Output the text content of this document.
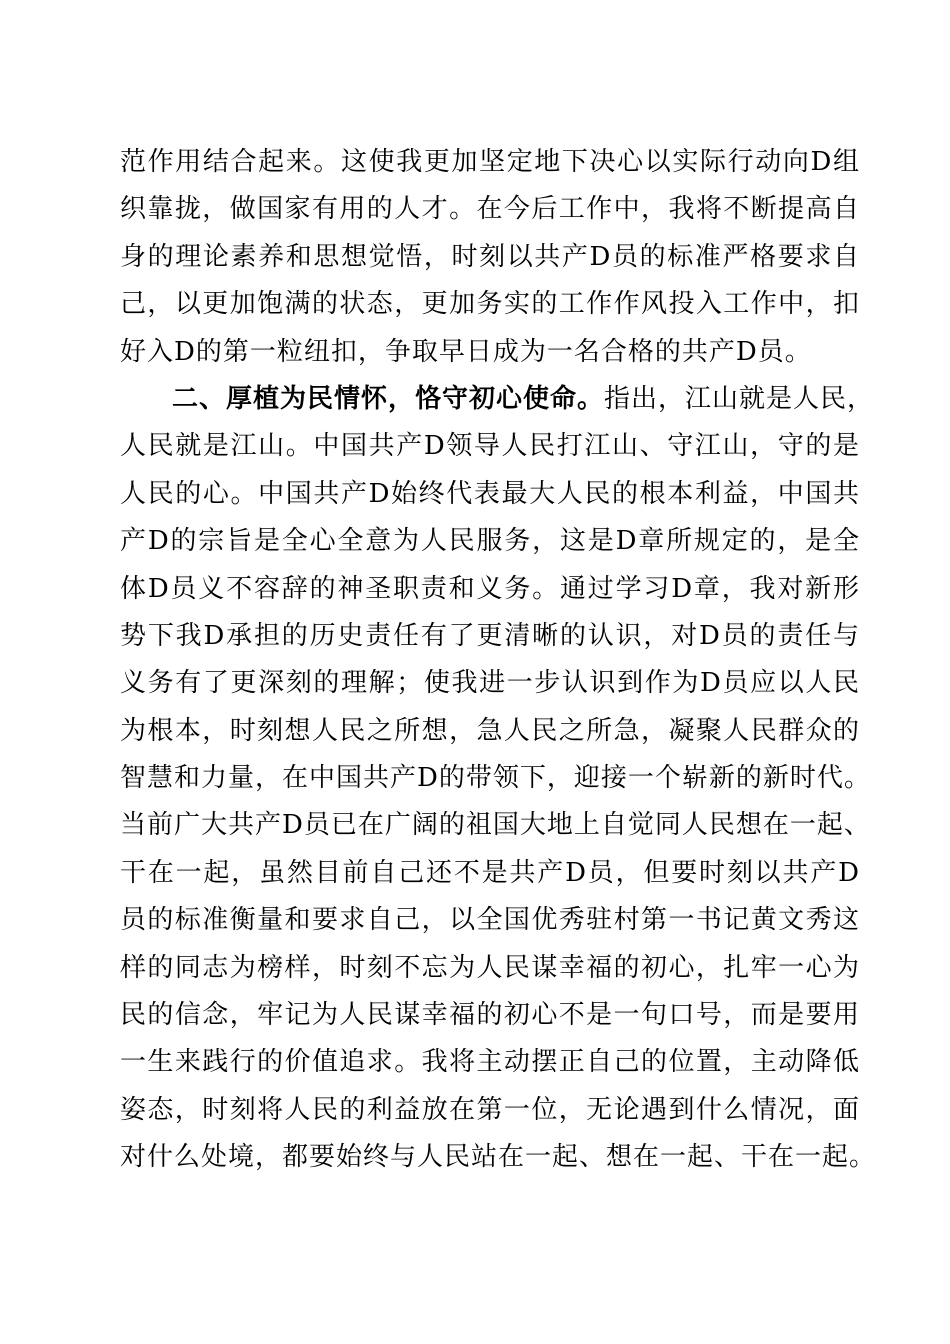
范作用结合起来。这使我更加坚定地下决心以实际行动向D组
织靠拢，做国家有用的人才。在今后工作中，我将不断提高自
身的理论素养和思想觉悟，时刻以共产D员的标准严格要求自
己，以更加饱满的状态，更加务实的工作作风投入工作中，扣
好入D的第一粒纽扣，争取早日成为一名合格的共产D员。
二、厚植为民情怀，恪守初心使命。指出，江山就是人民，
人民就是江山。中国共产D领导人民打江山、守江山，守的是
人民的心。中国共产D始终代表最大人民的根本利益，中国共
产D的宗旨是全心全意为人民服务，这是D章所规定的，是全
体D员义不容辞的神圣职责和义务。通过学习D章，我对新形
势下我D承担的历史责任有了更清晰的认识，对D员的责任与
义务有了更深刻的理解；使我进一步认识到作为D员应以人民
为根本，时刻想人民之所想，急人民之所急，凝聚人民群众的
智慧和力量，在中国共产D的带领下，迎接一个崭新的新时代。
当前广大共产D员已在广阔的祖国大地上自觉同人民想在一起、
干在一起，虽然目前自己还不是共产D员，但要时刻以共产D
员的标准衡量和要求自己，以全国优秀驻村第一书记黄文秀这
样的同志为榜样，时刻不忘为人民谋幸福的初心，扎牢一心为
民的信念，牢记为人民谋幸福的初心不是一句口号，而是要用
一生来践行的价值追求。我将主动摆正自己的位置，主动降低
姿态，时刻将人民的利益放在第一位，无论遇到什么情况，面
对什么处境，都要始终与人民站在一起、想在一起、干在一起。
